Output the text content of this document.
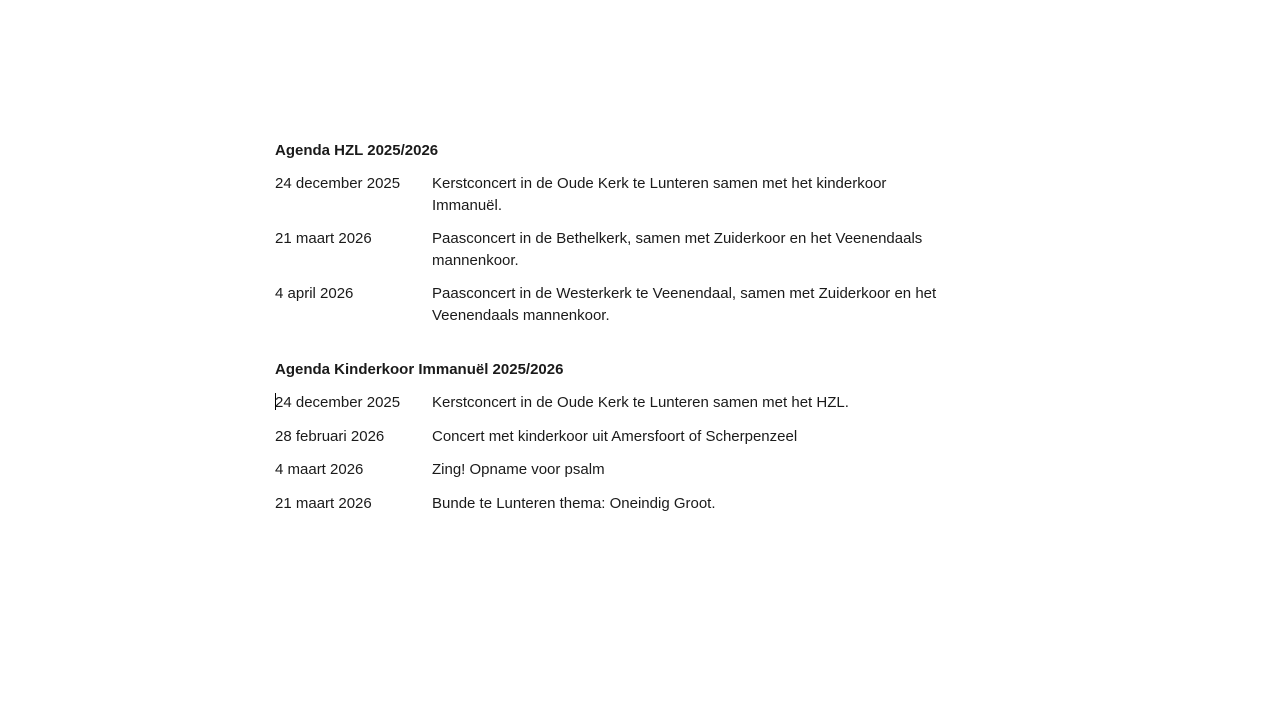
Agenda HZL 2025/2026
24 december 2025	Kerstconcert in de Oude Kerk te Lunteren samen met het kinderkoor Immanuël.
21 maart 2026	Paasconcert in de Bethelkerk, samen met Zuiderkoor en het Veenendaals mannenkoor.
4 april 2026	Paasconcert in de Westerkerk te Veenendaal, samen met Zuiderkoor en het Veenendaals mannenkoor.
Agenda Kinderkoor Immanuël 2025/2026
24 december 2025	Kerstconcert in de Oude Kerk te Lunteren samen met het HZL.
28 februari 2026	Concert met kinderkoor uit Amersfoort of Scherpenzeel
4 maart 2026	Zing! Opname voor psalm
21 maart 2026	Bunde te Lunteren thema: Oneindig Groot.
